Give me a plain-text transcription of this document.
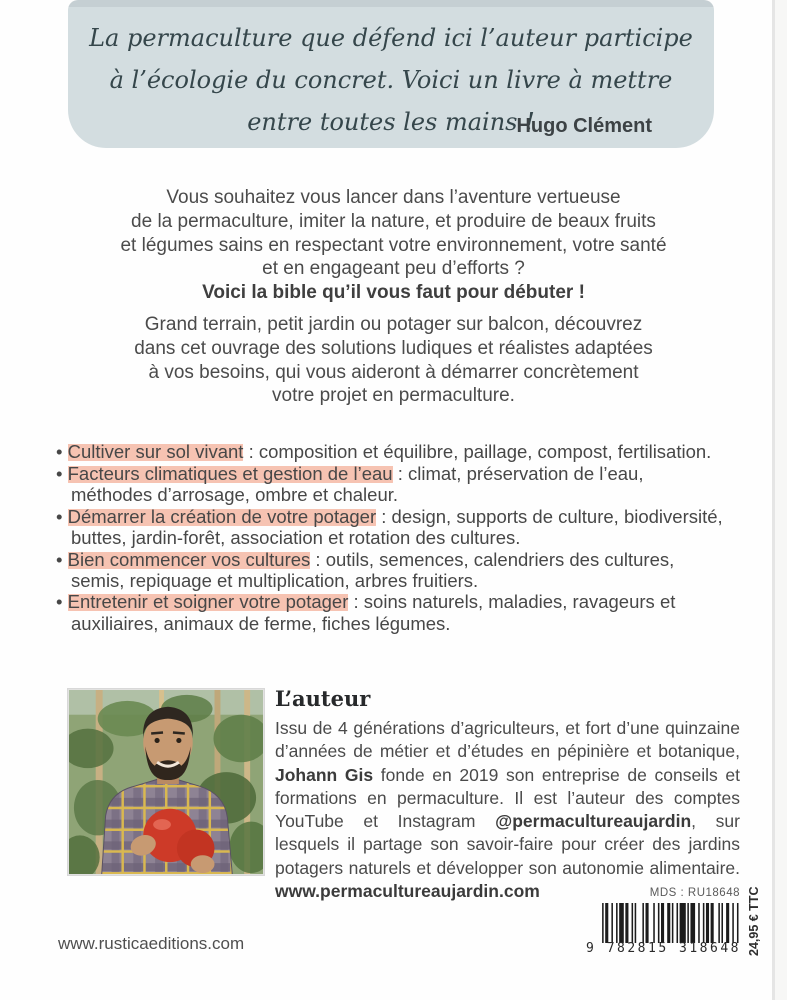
La permaculture que défend ici l’auteur participe
à l’écologie du concret. Voici un livre à mettre
entre toutes les mains !
Hugo Clément
Vous souhaitez vous lancer dans l’aventure vertueuse
de la permaculture, imiter la nature, et produire de beaux fruits
et légumes sains en respectant votre environnement, votre santé
et en engageant peu d’efforts ?
Voici la bible qu’il vous faut pour débuter !
Grand terrain, petit jardin ou potager sur balcon, découvrez
dans cet ouvrage des solutions ludiques et réalistes adaptées
à vos besoins, qui vous aideront à démarrer concrètement
votre projet en permaculture.
• Cultiver sur sol vivant : composition et équilibre, paillage, compost, fertilisation.
• Facteurs climatiques et gestion de l’eau : climat, préservation de l’eau, méthodes d’arrosage, ombre et chaleur.
• Démarrer la création de votre potager : design, supports de culture, biodiversité, buttes, jardin-forêt, association et rotation des cultures.
• Bien commencer vos cultures : outils, semences, calendriers des cultures, semis, repiquage et multiplication, arbres fruitiers.
• Entretenir et soigner votre potager : soins naturels, maladies, ravageurs et auxiliaires, animaux de ferme, fiches légumes.
L’auteur
Issu de 4 générations d’agriculteurs, et fort d’une quinzaine d’années de métier et d’études en pépinière et botanique, Johann Gis fonde en 2019 son entreprise de conseils et formations en permaculture. Il est l’auteur des comptes YouTube et Instagram @permacultureaujardin, sur lesquels il partage son savoir-faire pour créer des jardins potagers naturels et développer son autonomie alimentaire. www.permacultureaujardin.com
www.rusticaeditions.com
MDS : RU18648
9 782815 318648 24,95 € TTC
